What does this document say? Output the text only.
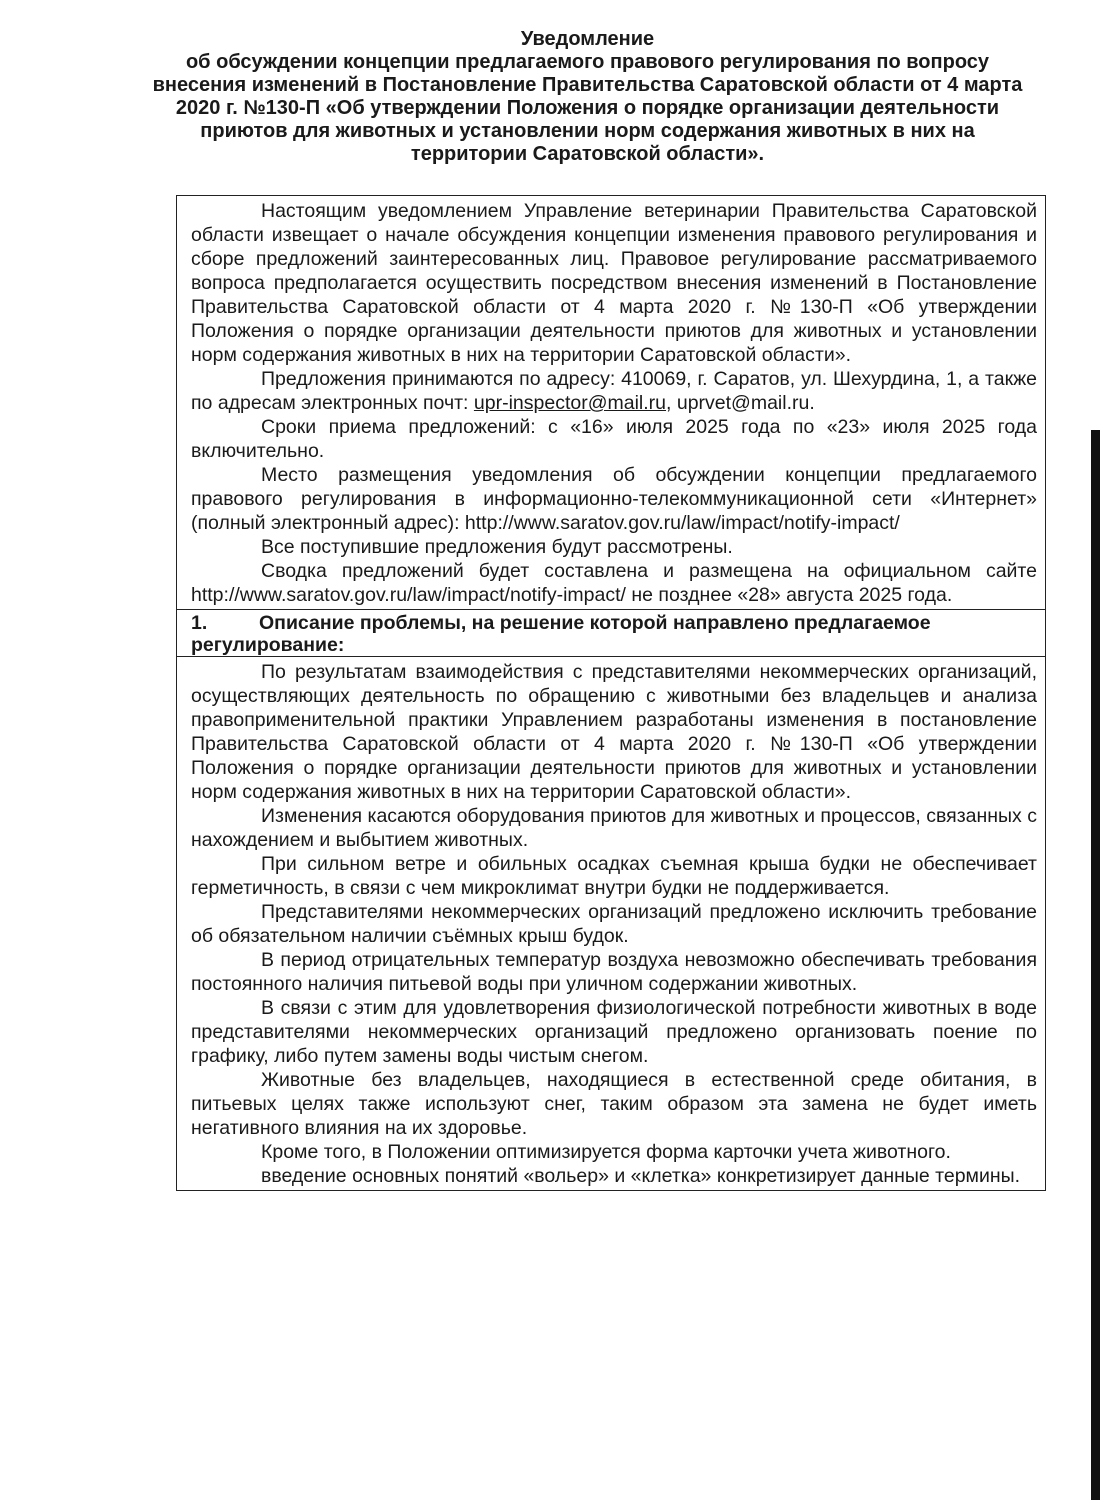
Уведомление
об обсуждении концепции предлагаемого правового регулирования по вопросу внесения изменений в Постановление Правительства Саратовской области от 4 марта 2020 г. №130-П «Об утверждении Положения о порядке организации деятельности приютов для животных и установлении норм содержания животных в них на территории Саратовской области».

Настоящим уведомлением Управление ветеринарии Правительства Саратовской области извещает о начале обсуждения концепции изменения правового регулирования и сборе предложений заинтересованных лиц. Правовое регулирование рассматриваемого вопроса предполагается осуществить посредством внесения изменений в Постановление Правительства Саратовской области от 4 марта 2020 г. №130-П «Об утверждении Положения о порядке организации деятельности приютов для животных и установлении норм содержания животных в них на территории Саратовской области».

Предложения принимаются по адресу: 410069, г. Саратов, ул. Шехурдина, 1, а также по адресам электронных почт: upr-inspector@mail.ru, uprvet@mail.ru.

Сроки приема предложений: с «16» июля 2025 года по «23» июля 2025 года включительно.

Место размещения уведомления об обсуждении концепции предлагаемого правового регулирования в информационно-телекоммуникационной сети «Интернет» (полный электронный адрес): http://www.saratov.gov.ru/law/impact/notify-impact/

Все поступившие предложения будут рассмотрены.

Сводка предложений будет составлена и размещена на официальном сайте http://www.saratov.gov.ru/law/impact/notify-impact/ не позднее «28» августа 2025 года.

1.	Описание проблемы, на решение которой направлено предлагаемое регулирование:

По результатам взаимодействия с представителями некоммерческих организаций, осуществляющих деятельность по обращению с животными без владельцев и анализа правоприменительной практики Управлением разработаны изменения в постановление Правительства Саратовской области от 4 марта 2020 г. №130-П «Об утверждении Положения о порядке организации деятельности приютов для животных и установлении норм содержания животных в них на территории Саратовской области».

Изменения касаются оборудования приютов для животных и процессов, связанных с нахождением и выбытием животных.

При сильном ветре и обильных осадках съемная крыша будки не обеспечивает герметичность, в связи с чем микроклимат внутри будки не поддерживается.

Представителями некоммерческих организаций предложено исключить требование об обязательном наличии съёмных крыш будок.

В период отрицательных температур воздуха невозможно обеспечивать требования постоянного наличия питьевой воды при уличном содержании животных.

В связи с этим для удовлетворения физиологической потребности животных в воде представителями некоммерческих организаций предложено организовать поение по графику, либо путем замены воды чистым снегом.

Животные без владельцев, находящиеся в естественной среде обитания, в питьевых целях также используют снег, таким образом эта замена не будет иметь негативного влияния на их здоровье.

Кроме того, в Положении оптимизируется форма карточки учета животного.

введение основных понятий «вольер» и «клетка» конкретизирует данные термины.
